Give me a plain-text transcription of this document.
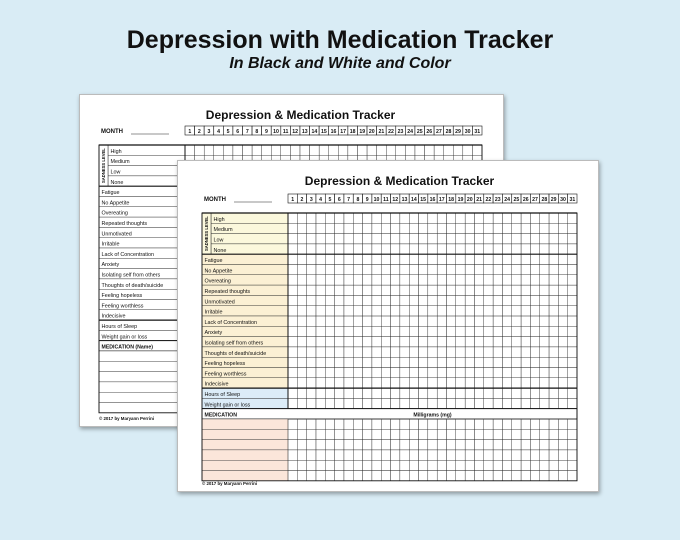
Depression with Medication Tracker
In Black and White and Color
Depression & Medication Tracker
MONTH	1 2 3 4 5 6 7 8 9 10 11 12 13 14 15 16 17 18 19 20 21 22 23 24 25 26 27 28 29 30 31
High
Medium
Low
None
Fatigue
No Appetite
Overeating
Repeated thoughts
Unmotivated
Irritable
Lack of Concentration
Anxiety
Isolating self from others
Thoughts of death/suicide
Feeling hopeless
Feeling worthless
Indecisive
Hours of Sleep
Weight gain or loss
SADNESS LEVEL
MEDICATION (Name)
© 2017 by Maryann Perrini
Depression & Medication Tracker
MONTH	1 2 3 4 5 6 7 8 9 10 11 12 13 14 15 16 17 18 19 20 21 22 23 24 25 26 27 28 29 30 31
High
Medium
Low
None
Fatigue
No Appetite
Overeating
Repeated thoughts
Unmotivated
Irritable
Lack of Concentration
Anxiety
Isolating self from others
Thoughts of death/suicide
Feeling hopeless
Feeling worthless
Indecisive
Hours of Sleep
Weight gain or loss
SADNESS LEVEL
MEDICATION	Milligrams (mg)
© 2017 by Maryann Perrini
